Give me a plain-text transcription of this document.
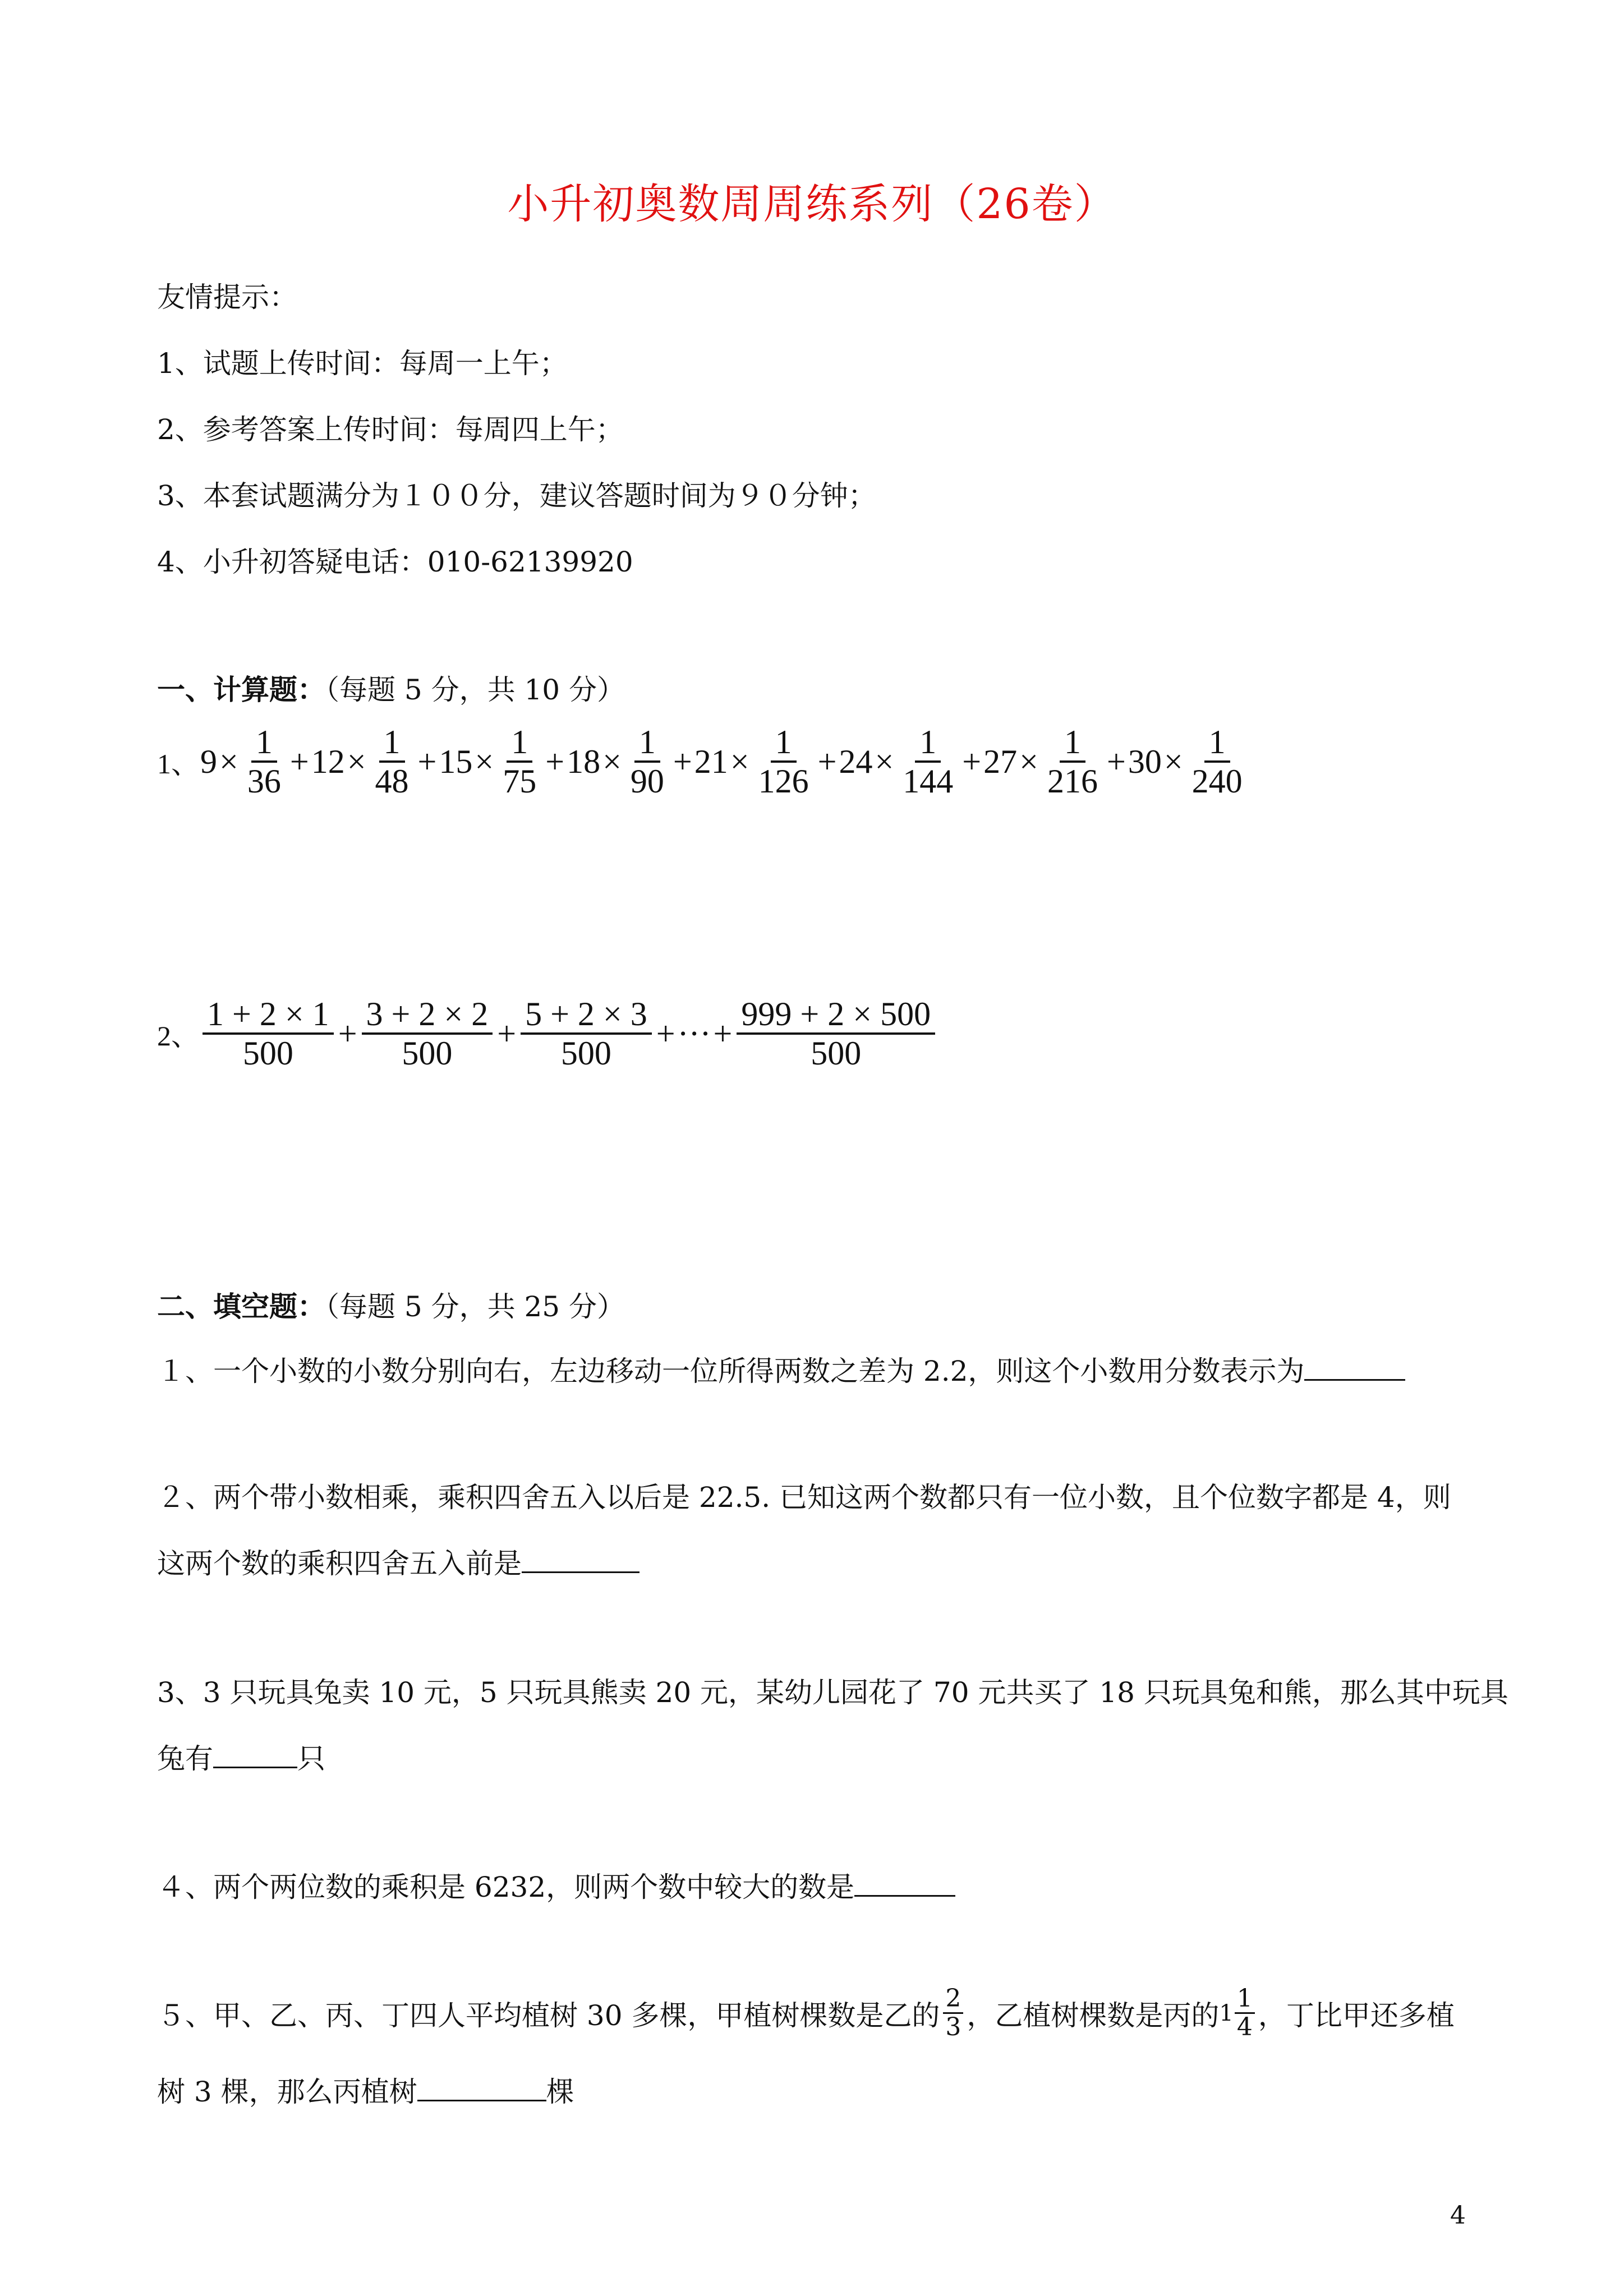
小升初奥数周周练系列（26卷）
友情提示：
1、试题上传时间：每周一上午；
2、参考答案上传时间：每周四上午；
3、本套试题满分为１００分，建议答题时间为９０分钟；
4、小升初答疑电话：010-62139920
一、计算题：（每题 5 分，共 10 分）
1、 $9 \times \frac{1}{36} + 12 \times \frac{1}{48} + 15 \times \frac{1}{75} + 18 \times \frac{1}{90} + 21 \times \frac{1}{126} + 24 \times \frac{1}{144} + 27 \times \frac{1}{216} + 30 \times \frac{1}{240}$
2、 $\frac{1 + 2 \times 1}{500} + \frac{3 + 2 \times 2}{500} + \frac{5 + 2 \times 3}{500}$ + ··· + $\frac{999 + 2 \times 500}{500}$
二、填空题：（每题 5 分，共 25 分）
１、一个小数的小数分别向右，左边移动一位所得两数之差为 2.2，则这个小数用分数表示为
２、两个带小数相乘，乘积四舍五入以后是 22.5. 已知这两个数都只有一位小数，且个位数字都是 4，则
这两个数的乘积四舍五入前是
3、3 只玩具兔卖 10 元，5 只玩具熊卖 20 元，某幼儿园花了 70 元共买了 18 只玩具兔和熊，那么其中玩具
兔有	只
４、两个两位数的乘积是 6232，则两个数中较大的数是
５、甲、乙、丙、丁四人平均植树 30 多棵，甲植树棵数是乙的 $\frac{2}{3}$ ，乙植树棵数是丙的 $1 \frac{1}{4}$ ，丁比甲还多植
树 3 棵，那么丙植树	棵
4
